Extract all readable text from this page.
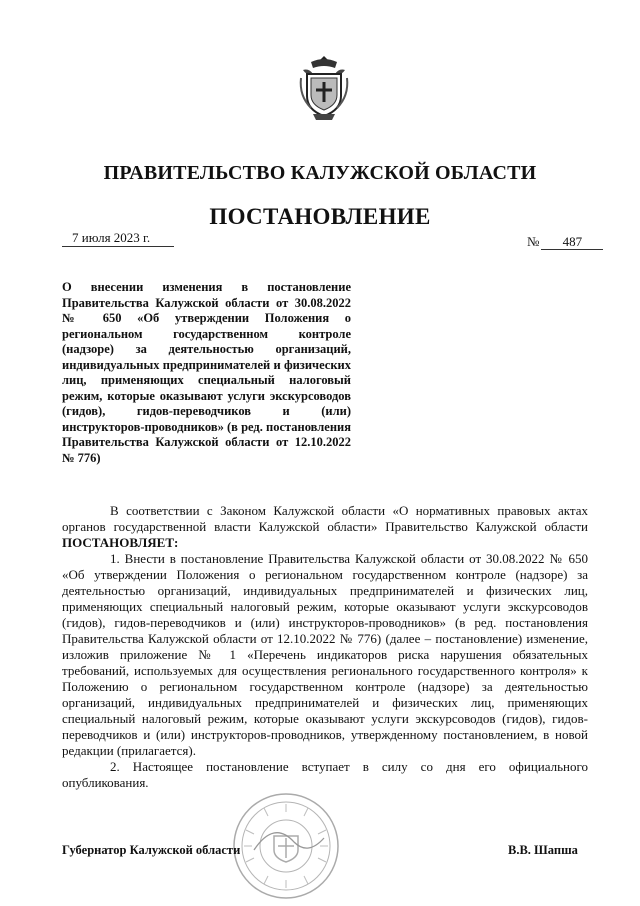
ПРАВИТЕЛЬСТВО КАЛУЖСКОЙ ОБЛАСТИ
ПОСТАНОВЛЕНИЕ
7 июля 2023 г.	№	487
О внесении изменения в постановление Правительства Калужской области от 30.08.2022 № 650 «Об утверждении Положения о региональном государственном контроле (надзоре) за деятельностью организаций, индивидуальных предпринимателей и физических лиц, применяющих специальный налоговый режим, которые оказывают услуги экскурсоводов (гидов), гидов-переводчиков и (или) инструкторов-проводников» (в ред. постановления Правительства Калужской области от 12.10.2022 № 776)

В соответствии с Законом Калужской области «О нормативных правовых актах органов государственной власти Калужской области» Правительство Калужской области ПОСТАНОВЛЯЕТ:

1. Внести в постановление Правительства Калужской области от 30.08.2022 № 650 «Об утверждении Положения о региональном государственном контроле (надзоре) за деятельностью организаций, индивидуальных предпринимателей и физических лиц, применяющих специальный налоговый режим, которые оказывают услуги экскурсоводов (гидов), гидов-переводчиков и (или) инструкторов-проводников» (в ред. постановления Правительства Калужской области от 12.10.2022 № 776) (далее – постановление) изменение, изложив приложение № 1 «Перечень индикаторов риска нарушения обязательных требований, используемых для осуществления регионального государственного контроля» к Положению о региональном государственном контроле (надзоре) за деятельностью организаций, индивидуальных предпринимателей и физических лиц, применяющих специальный налоговый режим, которые оказывают услуги экскурсоводов (гидов), гидов-переводчиков и (или) инструкторов-проводников, утвержденному постановлением, в новой редакции (прилагается).

2. Настоящее постановление вступает в силу со дня его официального опубликования.

Губернатор Калужской области	В.В. Шапша
